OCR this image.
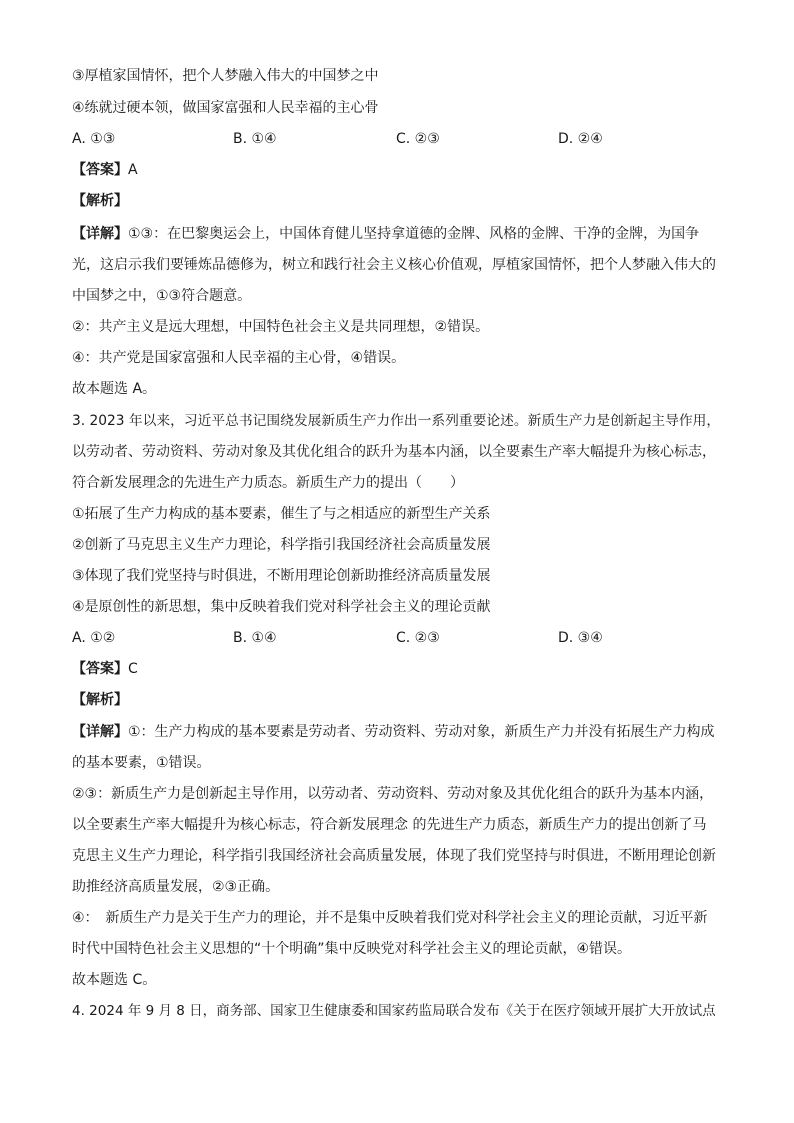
③厚植家国情怀，把个人梦融入伟大的中国梦之中
④练就过硬本领，做国家富强和人民幸福的主心骨
A. ①③	B. ①④	C. ②③	D. ②④
【答案】A
【解析】
【详解】①③：在巴黎奥运会上，中国体育健儿坚持拿道德的金牌、风格的金牌、干净的金牌，为国争
光，这启示我们要锤炼品德修为，树立和践行社会主义核心价值观，厚植家国情怀，把个人梦融入伟大的
中国梦之中，①③符合题意。
②：共产主义是远大理想，中国特色社会主义是共同理想，②错误。
④：共产党是国家富强和人民幸福的主心骨，④错误。
故本题选 A。
3. 2023 年以来，习近平总书记围绕发展新质生产力作出一系列重要论述。新质生产力是创新起主导作用，
以劳动者、劳动资料、劳动对象及其优化组合的跃升为基本内涵，以全要素生产率大幅提升为核心标志，
符合新发展理念的先进生产力质态。新质生产力的提出（　　）
①拓展了生产力构成的基本要素，催生了与之相适应的新型生产关系
②创新了马克思主义生产力理论，科学指引我国经济社会高质量发展
③体现了我们党坚持与时俱进，不断用理论创新助推经济高质量发展
④是原创性的新思想，集中反映着我们党对科学社会主义的理论贡献
A. ①②	B. ①④	C. ②③	D. ③④
【答案】C
【解析】
【详解】①：生产力构成的基本要素是劳动者、劳动资料、劳动对象，新质生产力并没有拓展生产力构成
的基本要素，①错误。
②③：新质生产力是创新起主导作用，以劳动者、劳动资料、劳动对象及其优化组合的跃升为基本内涵，
以全要素生产率大幅提升为核心标志，符合新发展理念 的先进生产力质态，新质生产力的提出创新了马
克思主义生产力理论，科学指引我国经济社会高质量发展，体现了我们党坚持与时俱进，不断用理论创新
助推经济高质量发展，②③正确。
④：　新质生产力是关于生产力的理论，并不是集中反映着我们党对科学社会主义的理论贡献，习近平新
时代中国特色社会主义思想的“十个明确”集中反映党对科学社会主义的理论贡献，④错误。
故本题选 C。
4. 2024 年 9 月 8 日，商务部、国家卫生健康委和国家药监局联合发布《关于在医疗领域开展扩大开放试点
